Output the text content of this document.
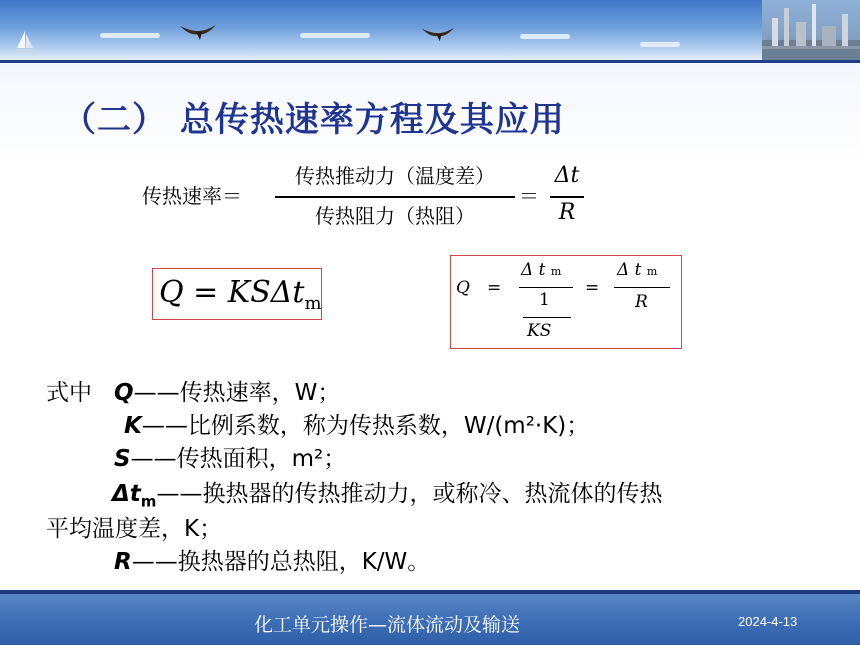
（二） 总传热速率方程及其应用
传热速率＝
传热推动力（温度差）
传热阻力（热阻）
＝
Δt
R
Q = KSΔt$_m$
Q =
Δ t m
1
KS
=
Δ t m
R
式中 Q——传热速率，W；
K——比例系数，称为传热系数，W/(m²·K)；
S——传热面积，m²；
$\Delta t_m——$换热器的传热推动力，或称冷、热流体的传热
平均温度差，K；
R——换热器的总热阻，K/W。
化工单元操作—流体流动及输送	2024-4-13
